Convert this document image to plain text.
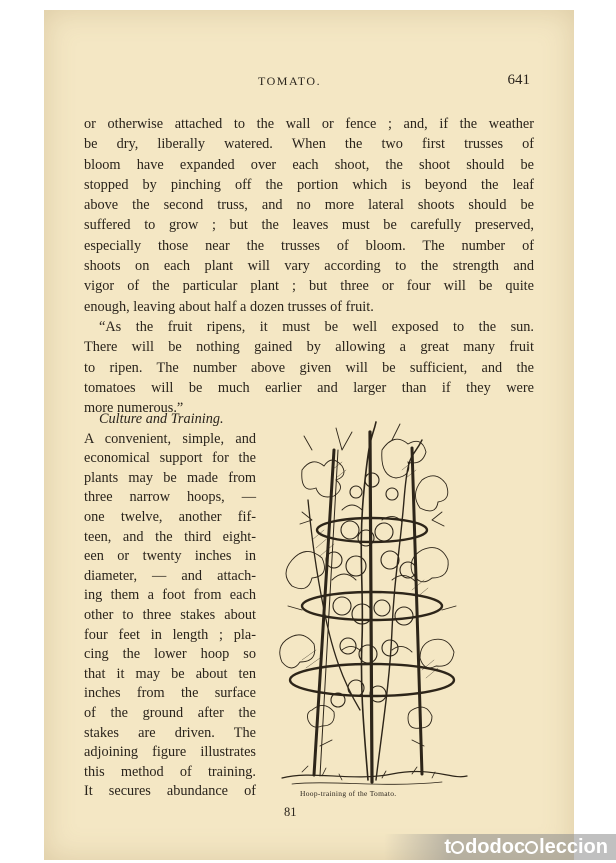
TOMATO.	641
or otherwise attached to the wall or fence ; and, if the weather
be dry, liberally watered. When the two first trusses of
bloom have expanded over each shoot, the shoot should be
stopped by pinching off the portion which is beyond the leaf
above the second truss, and no more lateral shoots should be
suffered to grow ; but the leaves must be carefully preserved,
especially those near the trusses of bloom. The number of
shoots on each plant will vary according to the strength and
vigor of the particular plant ; but three or four will be quite
enough, leaving about half a dozen trusses of fruit.
“As the fruit ripens, it must be well exposed to the sun.
There will be nothing gained by allowing a great many fruit
to ripen. The number above given will be sufficient, and the
tomatoes will be much earlier and larger than if they were
more numerous.”
Culture and Training.
A convenient, simple, and
economical support for the
plants may be made from
three narrow hoops, —
one twelve, another fif-
teen, and the third eight-
een or twenty inches in
diameter, — and attach-
ing them a foot from each
other to three stakes about
four feet in length ; pla-
cing the lower hoop so
that it may be about ten
inches from the surface
of the ground after the
stakes are driven. The
adjoining figure illustrates
this method of training.
It secures abundance of	Hoop-training of the Tomato.
81
t d odo c lecc ion
